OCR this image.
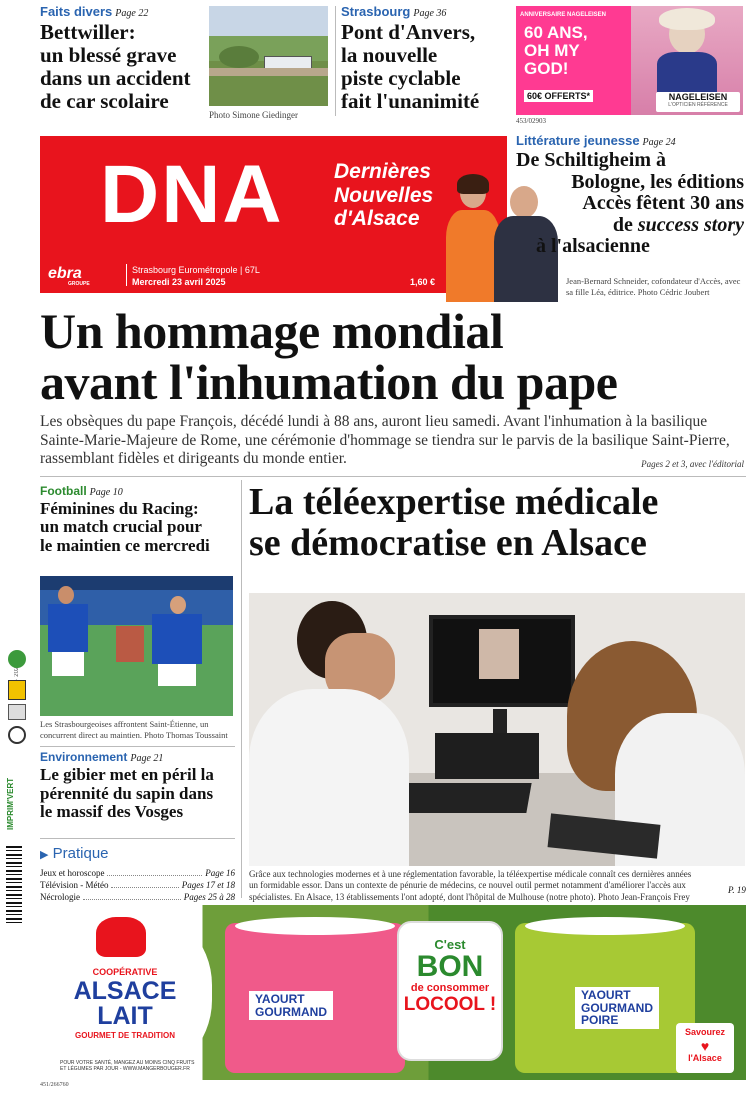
Faits divers Page 22
Bettwiller:
un blessé grave
dans un accident
de car scolaire
Photo Simone Giedinger
Strasbourg Page 36
Pont d'Anvers,
la nouvelle
piste cyclable
fait l'unanimité
ANNIVERSAIRE NAGELEISEN
60 ANS,
OH MY
GOD!
60€ OFFERTS*	NAGELEISEN
L'OPTICIEN RÉFÉRENCE
453/02903
DNA Dernières
Nouvelles
d'Alsace
ebra
GROUPE
Strasbourg Eurométropole | 67L
Mercredi 23 avril 2025	1,60 €
Littérature jeunesse Page 24
De Schiltigheim à
Bologne, les éditions
Accès fêtent 30 ans
de success story
à l'alsacienne
Jean-Bernard Schneider, cofondateur d'Accès, avec sa fille Léa, éditrice. Photo Cédric Joubert
Un hommage mondial
avant l'inhumation du pape
Les obsèques du pape François, décédé lundi à 88 ans, auront lieu samedi. Avant l'inhumation à la basilique Sainte-Marie-Majeure de Rome, une cérémonie d'hommage se tiendra sur le parvis de la basilique Saint-Pierre, rassemblant fidèles et dirigeants du monde entier.	Pages 2 et 3, avec l'éditorial
Football Page 10
Féminines du Racing:
un match crucial pour
le maintien ce mercredi
Les Strasbourgeoises affrontent Saint-Étienne, un concurrent direct au maintien. Photo Thomas Toussaint
Environnement Page 21
Le gibier met en péril la
pérennité du sapin dans
le massif des Vosges
▶ Pratique
Jeux et horoscope	Page 16
Télévision - Météo	Pages 17 et 18
Nécrologie	Pages 25 à 28
La téléexpertise médicale
se démocratise en Alsace
Grâce aux technologies modernes et à une réglementation favorable, la téléexpertise médicale connaît ces dernières années un formidable essor. Dans un contexte de pénurie de médecins, ce nouvel outil permet notamment d'améliorer l'accès aux spécialistes. En Alsace, 13 établissements l'ont adopté, dont l'hôpital de Mulhouse (notre photo). Photo Jean-François Frey
P. 19
COOPÉRATIVE
ALSACE
LAIT
GOURMET DE TRADITION
POUR VOTRE SANTÉ, MANGEZ AU MOINS CINQ FRUITS ET LÉGUMES PAR JOUR - WWW.MANGERBOUGER.FR
YAOURT
GOURMAND
C'est
BON
de consommer
LOCOOL !	YAOURT
GOURMAND
POIRE
Savourez
♥
l'Alsace
451/266760
2025
IMPRIM'VERT
